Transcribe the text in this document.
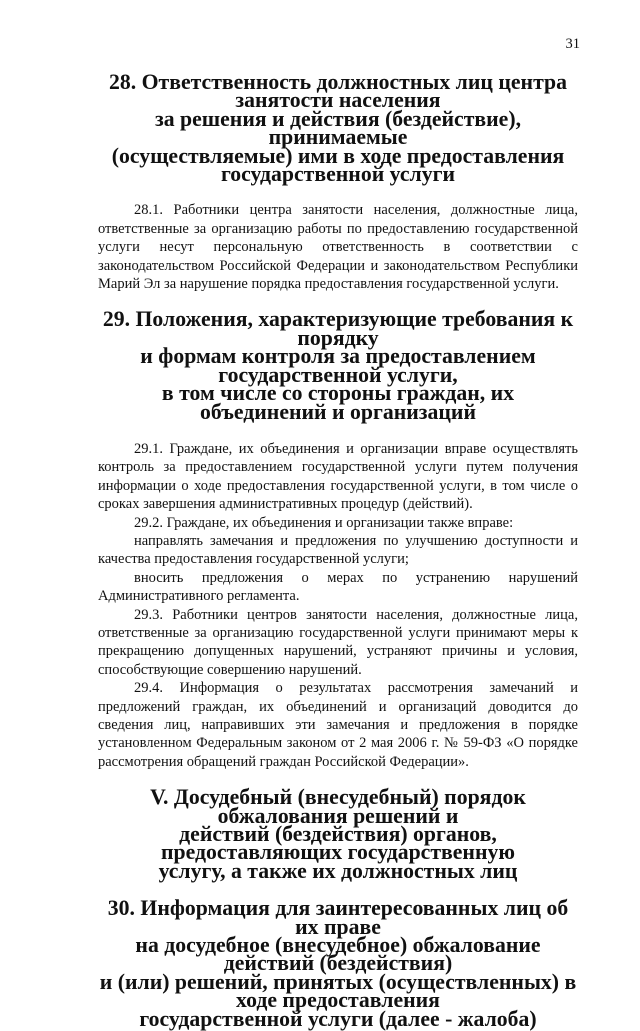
31
28. Ответственность должностных лиц центра занятости населения
за решения и действия (бездействие), принимаемые
(осуществляемые) ими в ходе предоставления
государственной услуги

28.1. Работники центра занятости населения, должностные лица, ответственные за организацию работы по предоставлению государственной услуги несут персональную ответственность в соответствии с законодательством Российской Федерации и законодательством Республики Марий Эл за нарушение порядка предоставления государственной услуги.

29. Положения, характеризующие требования к порядку
и формам контроля за предоставлением государственной услуги,
в том числе со стороны граждан, их объединений и организаций

29.1. Граждане, их объединения и организации вправе осуществлять контроль за предоставлением государственной услуги путем получения информации о ходе предоставления государственной услуги, в том числе о сроках завершения административных процедур (действий).

29.2. Граждане, их объединения и организации также вправе:

направлять замечания и предложения по улучшению доступности и качества предоставления государственной услуги;

вносить предложения о мерах по устранению нарушений Административного регламента.

29.3. Работники центров занятости населения, должностные лица, ответственные за организацию государственной услуги принимают меры к прекращению допущенных нарушений, устраняют причины и условия, способствующие совершению нарушений.

29.4. Информация о результатах рассмотрения замечаний и предложений граждан, их объединений и организаций доводится до сведения лиц, направивших эти замечания и предложения в порядке установленном Федеральным законом от 2 мая 2006 г. № 59-ФЗ «О порядке рассмотрения обращений граждан Российской Федерации».

V. Досудебный (внесудебный) порядок обжалования решений и
действий (бездействия) органов, предоставляющих государственную
услугу, а также их должностных лиц
30. Информация для заинтересованных лиц об их праве
на досудебное (внесудебное) обжалование действий (бездействия)
и (или) решений, принятых (осуществленных) в ходе предоставления
государственной услуги (далее - жалоба)
